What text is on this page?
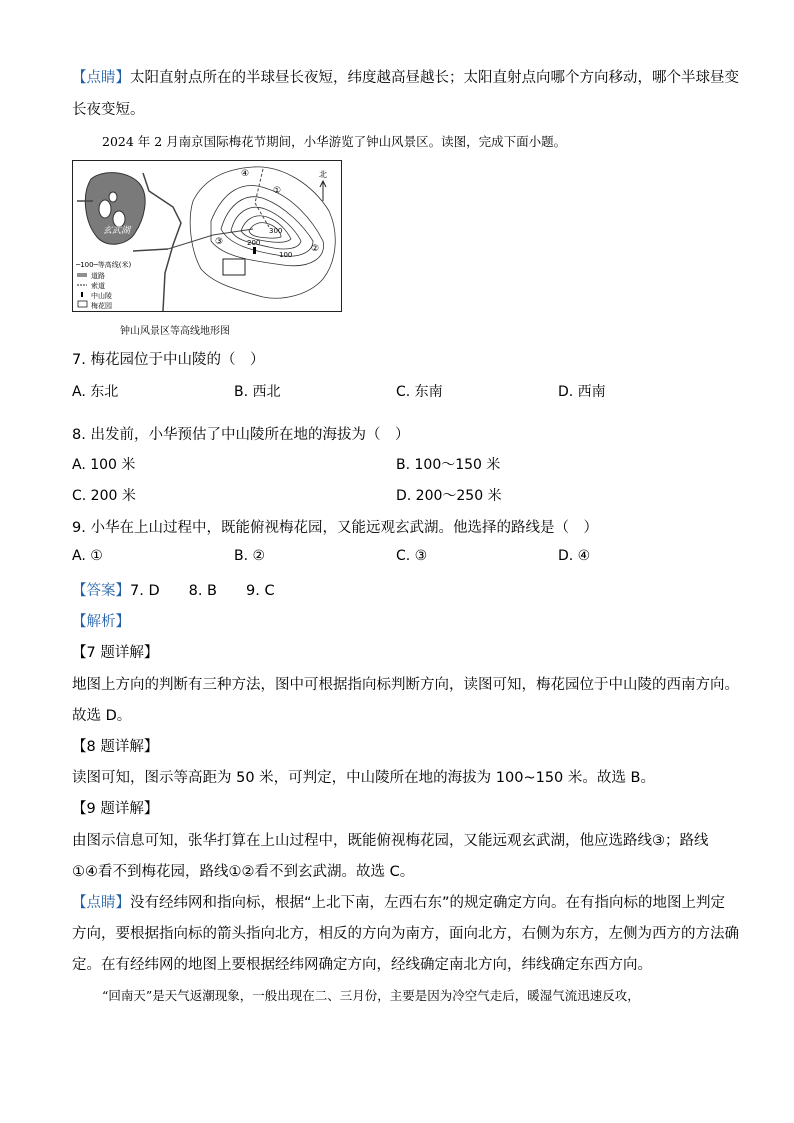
【点睛】太阳直射点所在的半球昼长夜短，纬度越高昼越长；太阳直射点向哪个方向移动，哪个半球昼变
长夜变短。
2024 年 2 月南京国际梅花节期间，小华游览了钟山风景区。读图，完成下面小题。
玄武湖
200
300
100
④
①
③
②
北
─100─等高线(米)
道路
索道
中山陵
梅花园
钟山风景区等高线地形图
7. 梅花园位于中山陵的（　）
A. 东北	B. 西北	C. 东南	D. 西南
8. 出发前，小华预估了中山陵所在地的海拔为（　）
A. 100 米	B. 100～150 米
C. 200 米	D. 200～250 米
9. 小华在上山过程中，既能俯视梅花园，又能远观玄武湖。他选择的路线是（　）
A. ①	B. ②	C. ③	D. ④
【答案】7. D　　8. B　　9. C
【解析】
【7 题详解】
地图上方向的判断有三种方法，图中可根据指向标判断方向，读图可知，梅花园位于中山陵的西南方向。
故选 D。
【8 题详解】
读图可知，图示等高距为 50 米，可判定，中山陵所在地的海拔为 100~150 米。故选 B。
【9 题详解】
由图示信息可知，张华打算在上山过程中，既能俯视梅花园，又能远观玄武湖，他应选路线③；路线
①④看不到梅花园，路线①②看不到玄武湖。故选 C。
【点睛】没有经纬网和指向标，根据“上北下南，左西右东”的规定确定方向。在有指向标的地图上判定
方向，要根据指向标的箭头指向北方，相反的方向为南方，面向北方，右侧为东方，左侧为西方的方法确
定。在有经纬网的地图上要根据经纬网确定方向，经线确定南北方向，纬线确定东西方向。
“回南天”是天气返潮现象，一般出现在二、三月份，主要是因为冷空气走后，暖湿气流迅速反攻，
